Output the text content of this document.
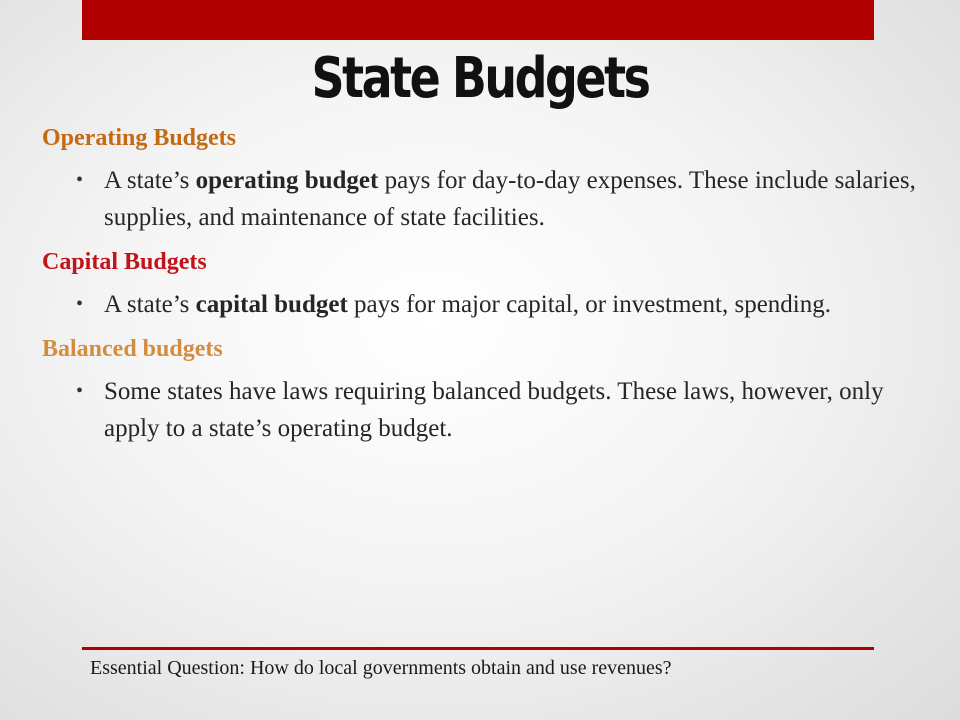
State Budgets
Operating Budgets
• A state’s operating budget pays for day-to-day expenses. These include salaries, supplies, and maintenance of state facilities.
Capital Budgets
• A state’s capital budget pays for major capital, or investment, spending.
Balanced budgets
• Some states have laws requiring balanced budgets. These laws, however, only apply to a state’s operating budget.
Essential Question: How do local governments obtain and use revenues?
